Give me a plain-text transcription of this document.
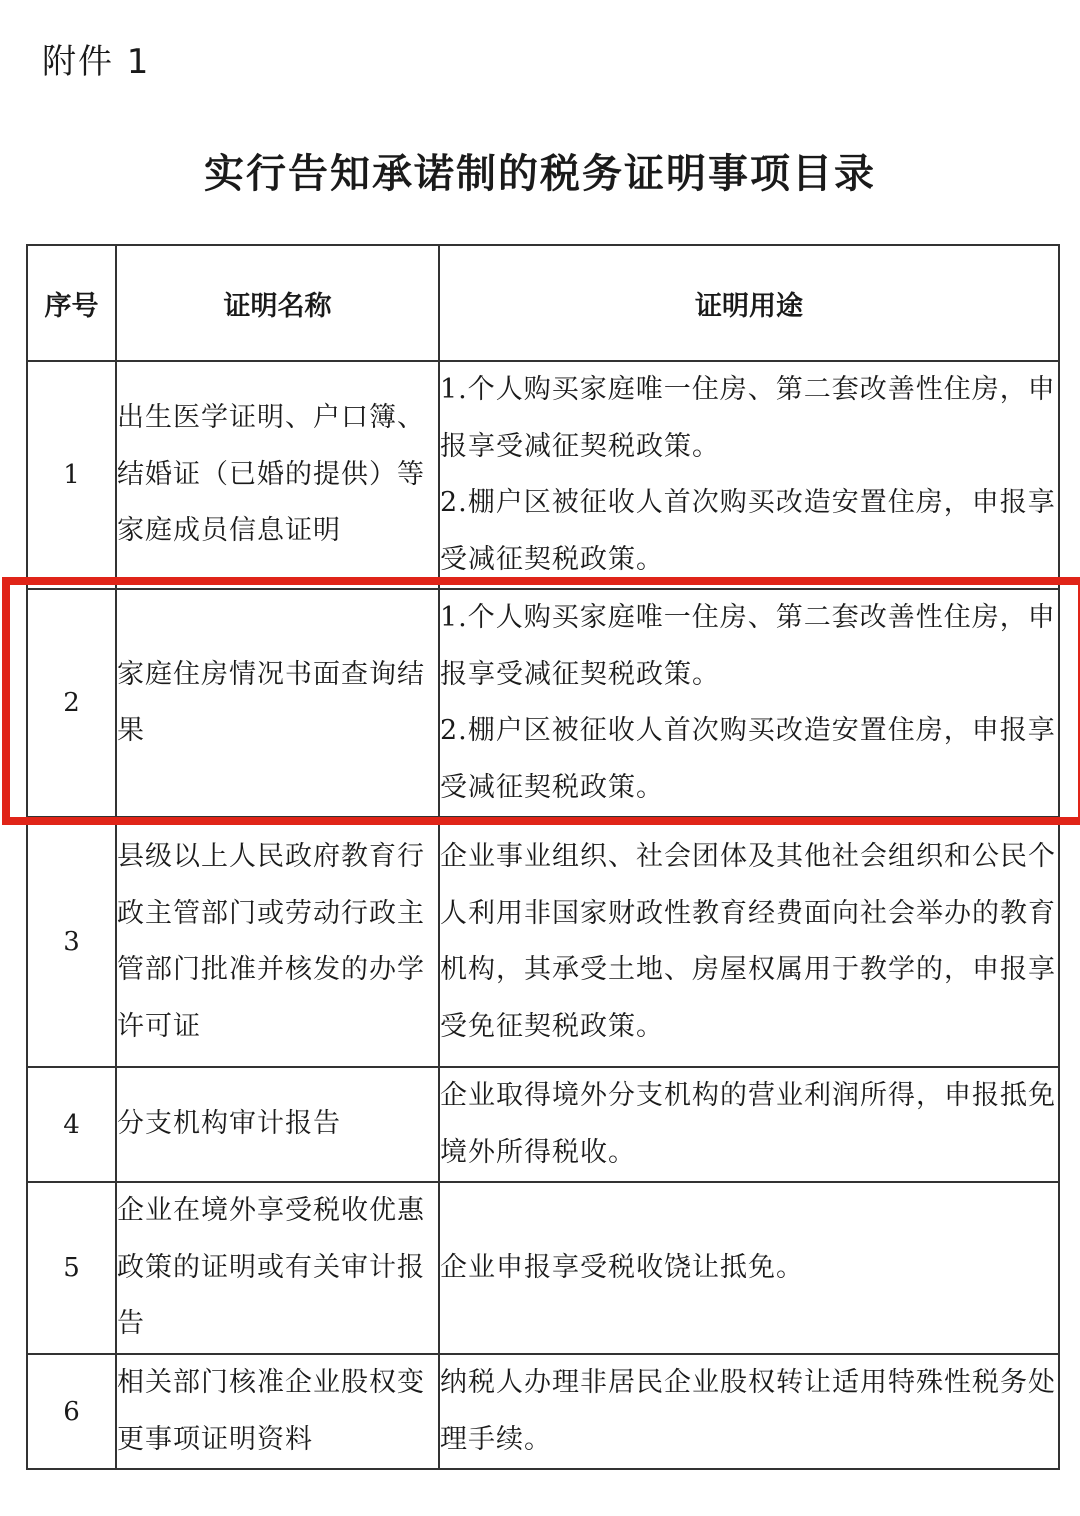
附件 1
实行告知承诺制的税务证明事项目录
序号	证明名称	证明用途
1	出生医学证明、户口簿、结婚证（已婚的提供）等家庭成员信息证明	1.个人购买家庭唯一住房、第二套改善性住房，申报享受减征契税政策。
2.棚户区被征收人首次购买改造安置住房，申报享受减征契税政策。

2	家庭住房情况书面查询结果	1.个人购买家庭唯一住房、第二套改善性住房，申报享受减征契税政策。
2.棚户区被征收人首次购买改造安置住房，申报享受减征契税政策。

3	县级以上人民政府教育行政主管部门或劳动行政主管部门批准并核发的办学许可证	企业事业组织、社会团体及其他社会组织和公民个人利用非国家财政性教育经费面向社会举办的教育机构，其承受土地、房屋权属用于教学的，申报享受免征契税政策。

4	分支机构审计报告	企业取得境外分支机构的营业利润所得，申报抵免境外所得税收。

5	企业在境外享受税收优惠政策的证明或有关审计报告	企业申报享受税收饶让抵免。

6	相关部门核准企业股权变更事项证明资料	纳税人办理非居民企业股权转让适用特殊性税务处理手续。
